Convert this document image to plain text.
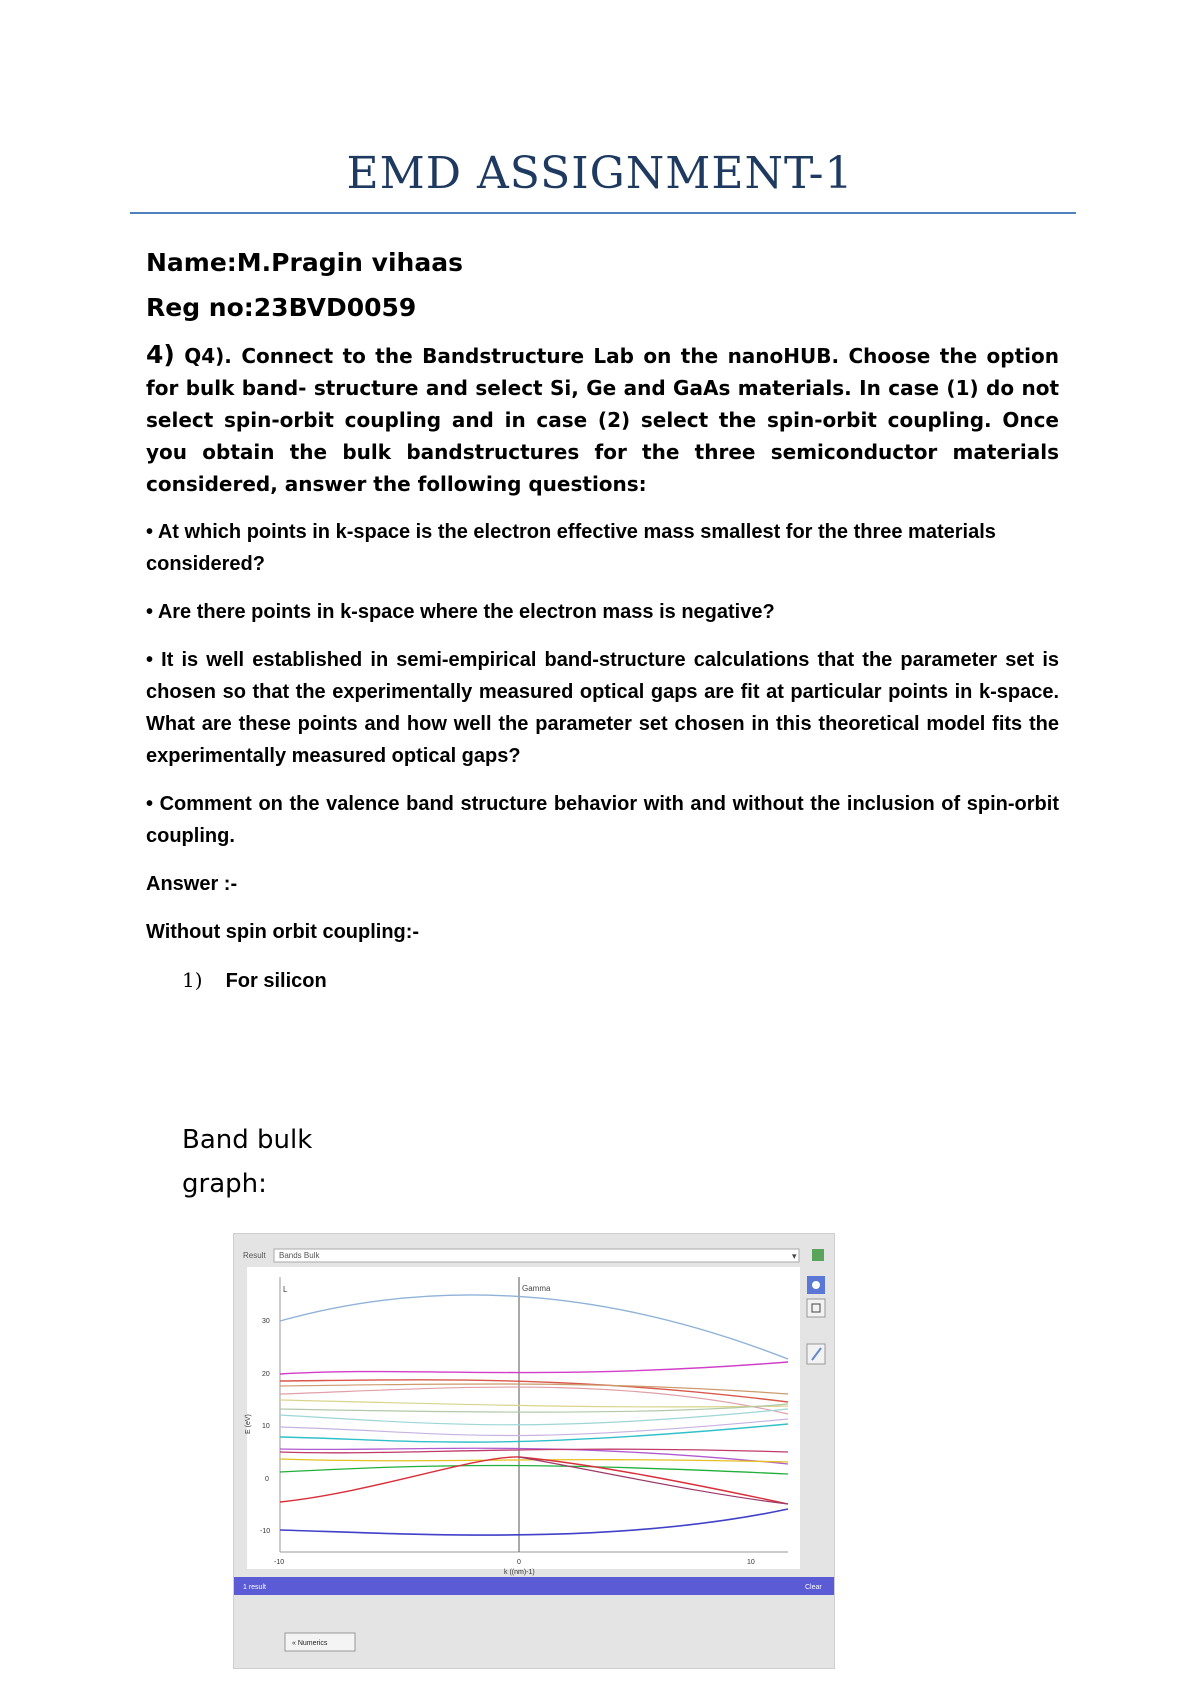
EMD ASSIGNMENT-1

Name:M.Pragin vihaas

Reg no:23BVD0059

4) Q4). Connect to the Bandstructure Lab on the nanoHUB. Choose the option for bulk band- structure and select Si, Ge and GaAs materials. In case (1) do not select spin-orbit coupling and in case (2) select the spin-orbit coupling. Once you obtain the bulk bandstructures for the three semiconductor materials considered, answer the following questions:

• At which points in k-space is the electron effective mass smallest for the three materials considered?

• Are there points in k-space where the electron mass is negative?

• It is well established in semi-empirical band-structure calculations that the parameter set is chosen so that the experimentally measured optical gaps are fit at particular points in k-space. What are these points and how well the parameter set chosen in this theoretical model fits the experimentally measured optical gaps?

• Comment on the valence band structure behavior with and without the inclusion of spin-orbit coupling.

Answer :-

Without spin orbit coupling:-

1) For silicon

Band bulk graph:
Result Bands Bulk	▾
L	Gamma
30
20
10
0
-10
E (eV)
-10	0	10
k ((nm)-1)
1 result	Clear
« Numerics
